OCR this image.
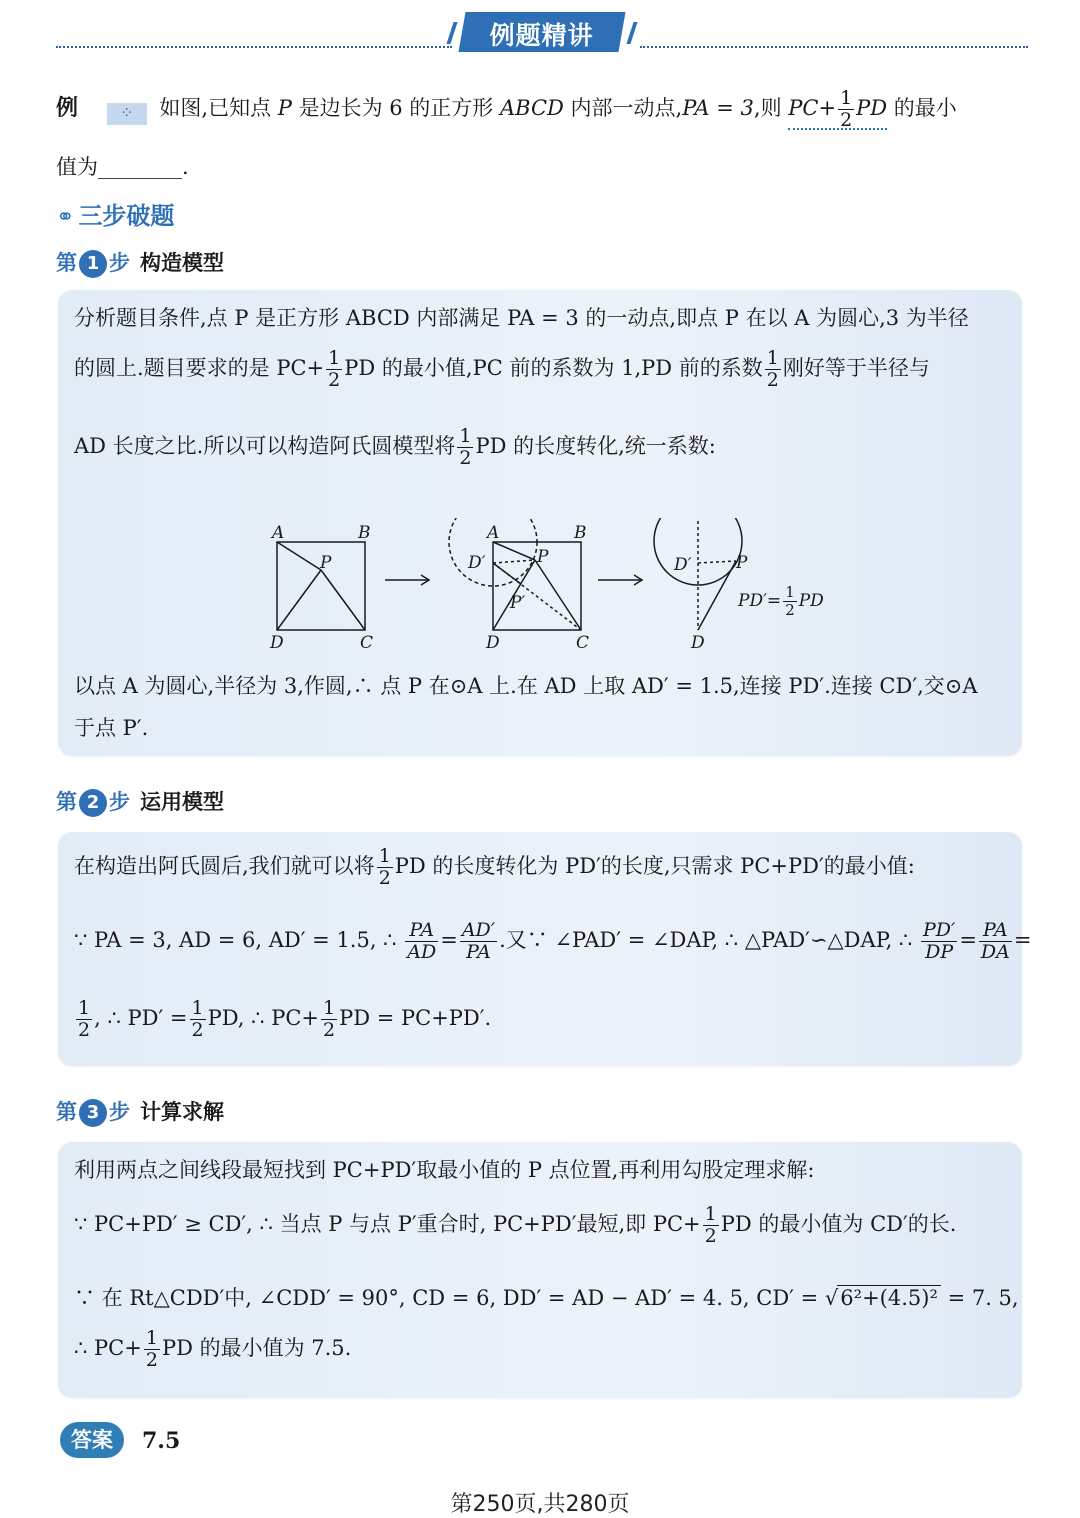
例题精讲
例	⁘ 如图,已知点 P 是边长为 6 的正方形 ABCD 内部一动点,PA = 3,则 $PC+ \frac{1}{2}$ PD 的最小
值为________.
⚭ 三步破题
第 1 步 构造模型
分析题目条件,点 P 是正方形 ABCD 内部满足 PA = 3 的一动点,即点 P 在以 A 为圆心,3 为半径
的圆上.题目要求的是 $PC+ \frac{1}{2}$ PD 的最小值,PC 前的系数为 1,PD 前的系数 $\frac{1}{2}$ 刚好等于半径与
AD 长度之比.所以可以构造阿氏圆模型将 $\frac{1}{2}$ PD 的长度转化,统一系数:
A	B
D	C
P
A	B
D	C
D′	P
P′
D′	P
D
$PD'= \frac{1}{2}$ PD
以点 A 为圆心,半径为 3,作圆,∴ 点 P 在⊙A 上.在 AD 上取 AD′ = 1.5,连接 PD′.连接 CD′,交⊙A
于点 P′.
第 2 步 运用模型
在构造出阿氏圆后,我们就可以将 $\frac{1}{2}$ PD 的长度转化为 PD′的长度,只需求 PC+PD′的最小值:
∵ PA = 3, AD = 6, AD′ = 1.5, ∴ $\frac{PA}{AD} = \frac{AD'}{PA}$ .又∵ ∠PAD′ = ∠DAP, ∴ △PAD′∽△DAP, ∴ $\frac{PD'}{DP} = \frac{PA}{DA}$ =
$\frac{1}{2}$ , ∴ $PD' = \frac{1}{2}$ PD, ∴ $PC+ \frac{1}{2}$ PD = PC+PD′.
第 3 步 计算求解
利用两点之间线段最短找到 PC+PD′取最小值的 P 点位置,再利用勾股定理求解:
∵ PC+PD′ ≥ CD′, ∴ 当点 P 与点 P′重合时, PC+PD′最短,即 $PC+ \frac{1}{2}$ PD 的最小值为 CD′的长.
∵ 在 Rt△CDD′中, ∠CDD′ = 90°, CD = 6, DD′ = AD − AD′ = 4. 5, CD′ = √6²+(4.5)² = 7. 5,
∴ $PC+ \frac{1}{2}$ PD 的最小值为 7.5.
答案	7.5
第250页,共280页
